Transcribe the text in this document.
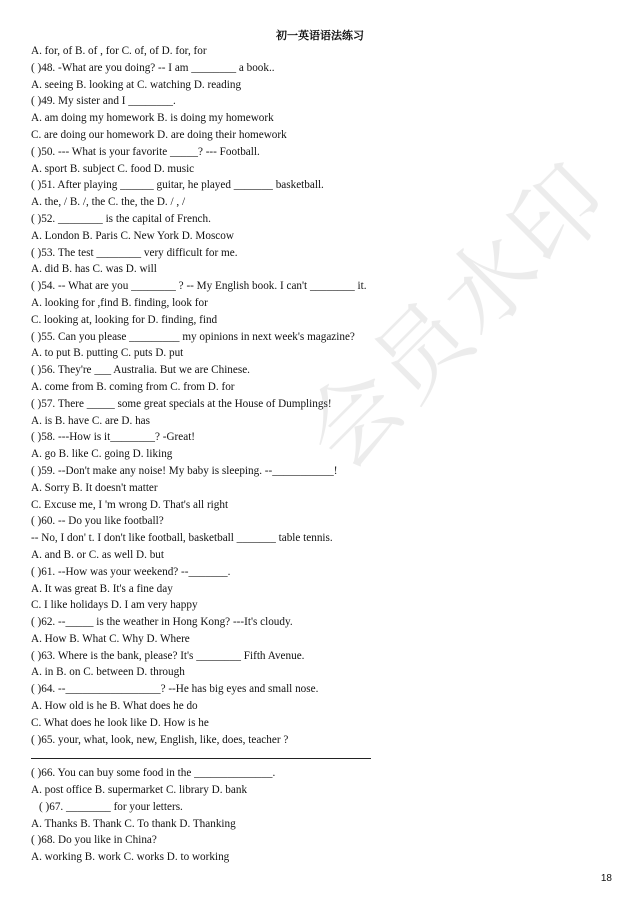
初一英语语法练习
A. for, of B. of , for C. of, of D. for, for
( )48. -What are you doing? -- I am ________ a book..
A. seeing B. looking at C. watching D. reading
( )49. My sister and I ________.
A. am doing my homework B. is doing my homework
C. are doing our homework D. are doing their homework
( )50. --- What is your favorite _____? --- Football.
A. sport B. subject C. food D. music
( )51. After playing ______ guitar, he played _______ basketball.
A. the, / B. /, the C. the, the D. / , /
( )52. ________ is the capital of French.
A. London B. Paris C. New York D. Moscow
( )53. The test ________ very difficult for me.
A. did B. has C. was D. will
( )54. -- What are you ________ ? -- My English book. I can't ________ it.
A. looking for ,find B. finding, look for
C. looking at, looking for D. finding, find
( )55. Can you please _________ my opinions in next week's magazine?
A. to put B. putting C. puts D. put
( )56. They're ___ Australia. But we are Chinese.
A. come from B. coming from C. from D. for
( )57. There _____ some great specials at the House of Dumplings!
A. is B. have C. are D. has
( )58. ---How is it________? -Great!
A. go B. like C. going D. liking
( )59. --Don't make any noise! My baby is sleeping. --___________!
A. Sorry B. It doesn't matter
C. Excuse me, I 'm wrong D. That's all right
( )60. -- Do you like football?
-- No, I don' t. I don't like football, basketball _______ table tennis.
A. and B. or C. as well D. but
( )61. --How was your weekend? --_______.
A. It was great B. It's a fine day
C. I like holidays D. I am very happy
( )62. --_____ is the weather in Hong Kong? ---It's cloudy.
A. How B. What C. Why D. Where
( )63. Where is the bank, please? It's ________ Fifth Avenue.
A. in B. on C. between D. through
( )64. --_________________? --He has big eyes and small nose.
A. How old is he B. What does he do
C. What does he look like D. How is he
( )65. your, what, look, new, English, like, does, teacher ?
( )66. You can buy some food in the ______________.
A. post office B. supermarket C. library D. bank
( )67. ________ for your letters.
A. Thanks B. Thank C. To thank D. Thanking
( )68. Do you like in China?
A. working B. work C. works D. to working
会员水印
18
